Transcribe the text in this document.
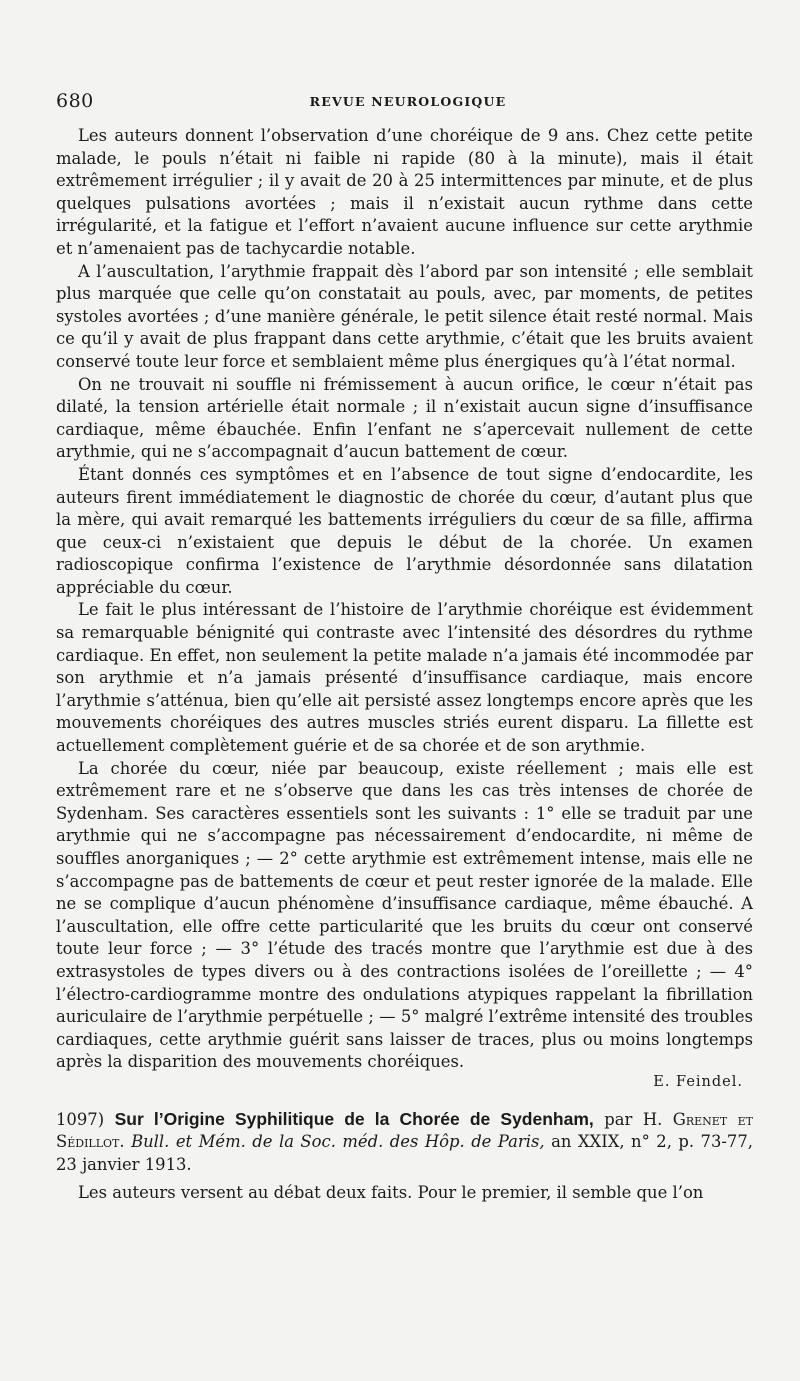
680	REVUE NEUROLOGIQUE

Les auteurs donnent l’observation d’une choréique de 9 ans. Chez cette petite malade, le pouls n’était ni faible ni rapide (80 à la minute), mais il était extrêmement irrégulier ; il y avait de 20 à 25 intermittences par minute, et de plus quelques pulsations avortées ; mais il n’existait aucun rythme dans cette irrégularité, et la fatigue et l’effort n’avaient aucune influence sur cette arythmie et n’amenaient pas de tachycardie notable.

A l’auscultation, l’arythmie frappait dès l’abord par son intensité ; elle semblait plus marquée que celle qu’on constatait au pouls, avec, par moments, de petites systoles avortées ; d’une manière générale, le petit silence était resté normal. Mais ce qu’il y avait de plus frappant dans cette arythmie, c’était que les bruits avaient conservé toute leur force et semblaient même plus énergiques qu’à l’état normal.

On ne trouvait ni souffle ni frémissement à aucun orifice, le cœur n’était pas dilaté, la tension artérielle était normale ; il n’existait aucun signe d’insuffisance cardiaque, même ébauchée. Enfin l’enfant ne s’apercevait nullement de cette arythmie, qui ne s’accompagnait d’aucun battement de cœur.

Étant donnés ces symptômes et en l’absence de tout signe d’endocardite, les auteurs firent immédiatement le diagnostic de chorée du cœur, d’autant plus que la mère, qui avait remarqué les battements irréguliers du cœur de sa fille, affirma que ceux-ci n’existaient que depuis le début de la chorée. Un examen radioscopique confirma l’existence de l’arythmie désordonnée sans dilatation appréciable du cœur.

Le fait le plus intéressant de l’histoire de l’arythmie choréique est évidemment sa remarquable bénignité qui contraste avec l’intensité des désordres du rythme cardiaque. En effet, non seulement la petite malade n’a jamais été incommodée par son arythmie et n’a jamais présenté d’insuffisance cardiaque, mais encore l’arythmie s’atténua, bien qu’elle ait persisté assez longtemps encore après que les mouvements choréiques des autres muscles striés eurent disparu. La fillette est actuellement complètement guérie et de sa chorée et de son arythmie.

La chorée du cœur, niée par beaucoup, existe réellement ; mais elle est extrêmement rare et ne s’observe que dans les cas très intenses de chorée de Sydenham. Ses caractères essentiels sont les suivants : 1° elle se traduit par une arythmie qui ne s’accompagne pas nécessairement d’endocardite, ni même de souffles anorganiques ; — 2° cette arythmie est extrêmement intense, mais elle ne s’accompagne pas de battements de cœur et peut rester ignorée de la malade. Elle ne se complique d’aucun phénomène d’insuffisance cardiaque, même ébauché. A l’auscultation, elle offre cette particularité que les bruits du cœur ont conservé toute leur force ; — 3° l’étude des tracés montre que l’arythmie est due à des extrasystoles de types divers ou à des contractions isolées de l’oreillette ; — 4° l’électro-cardiogramme montre des ondulations atypiques rappelant la fibrillation auriculaire de l’arythmie perpétuelle ; — 5° malgré l’extrême intensité des troubles cardiaques, cette arythmie guérit sans laisser de traces, plus ou moins longtemps après la disparition des mouvements choréiques.

E. Feindel.
1097) Sur l’Origine Syphilitique de la Chorée de Sydenham, par H. Grenet et Sédillot. Bull. et Mém. de la Soc. méd. des Hôp. de Paris, an XXIX, n° 2, p. 73-77, 23 janvier 1913.

Les auteurs versent au débat deux faits. Pour le premier, il semble que l’on
